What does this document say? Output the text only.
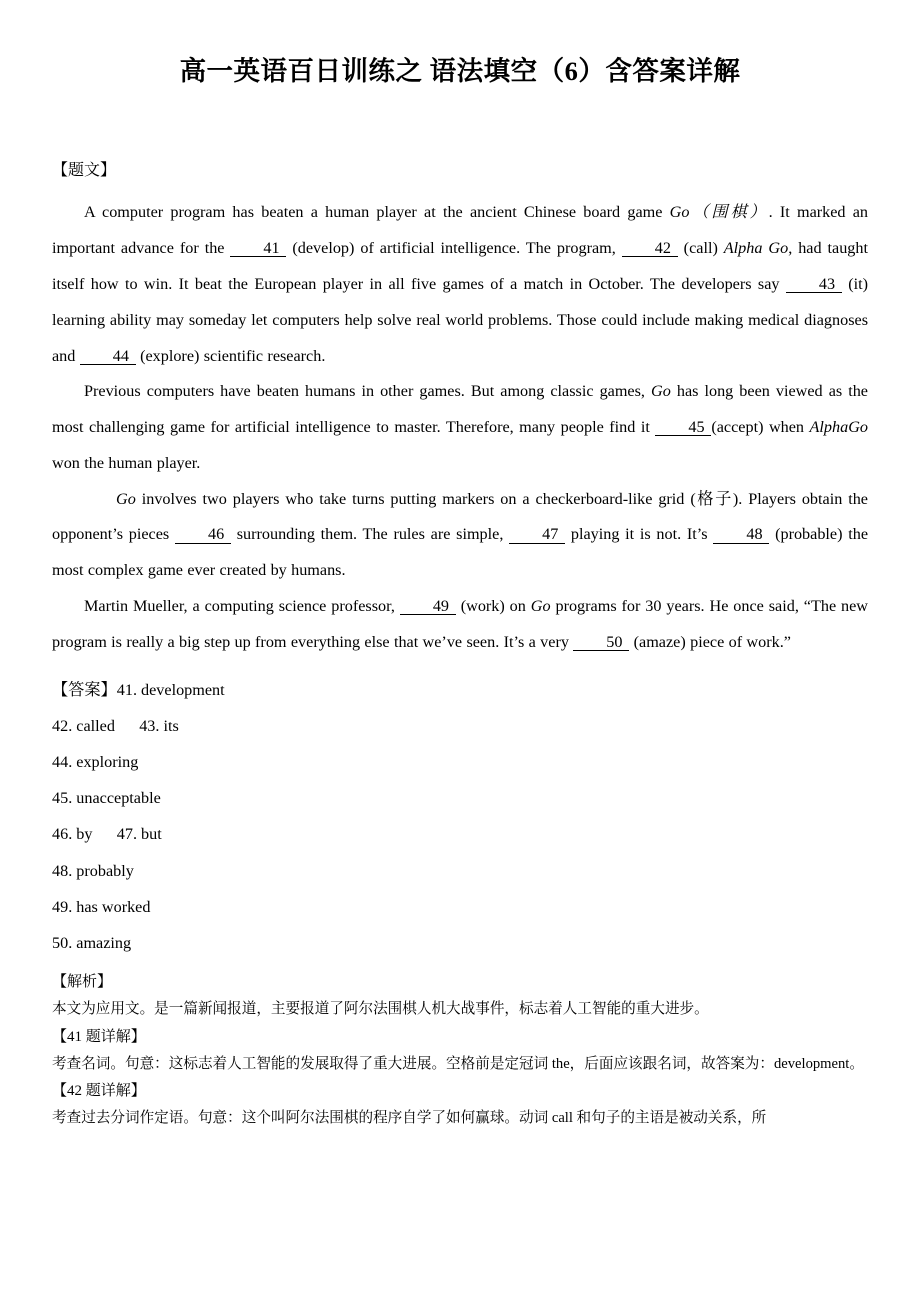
高一英语百日训练之 语法填空（6）含答案详解

【题文】

A computer program has beaten a human player at the ancient Chinese board game Go（围棋）. It marked an important advance for the 41 (develop) of artificial intelligence. The program, 42 (call) Alpha Go, had taught itself how to win. It beat the European player in all five games of a match in October. The developers say 43 (it) learning ability may someday let computers help solve real world problems. Those could include making medical diagnoses and 44 (explore) scientific research.

Previous computers have beaten humans in other games. But among classic games, Go has long been viewed as the most challenging game for artificial intelligence to master. Therefore, many people find it 45 (accept) when AlphaGo won the human player.

Go involves two players who take turns putting markers on a checkerboard-like grid (格子). Players obtain the opponent’s pieces 46 surrounding them. The rules are simple, 47 playing it is not. It’s 48 (probable) the most complex game ever created by humans.

Martin Mueller, a computing science professor, 49 (work) on Go programs for 30 years. He once said, “The new program is really a big step up from everything else that we’ve seen. It’s a very 50 (amaze) piece of work.”

【答案】41. development

42. called      43. its

44. exploring

45. unacceptable

46. by      47. but

48. probably

49. has worked

50. amazing

【解析】

本文为应用文。是一篇新闻报道，主要报道了阿尔法围棋人机大战事件，标志着人工智能的重大进步。

【41 题详解】

考查名词。句意：这标志着人工智能的发展取得了重大进展。空格前是定冠词 the，后面应该跟名词，故答案为：development。

【42 题详解】

考查过去分词作定语。句意：这个叫阿尔法围棋的程序自学了如何赢球。动词 call 和句子的主语是被动关系，所
